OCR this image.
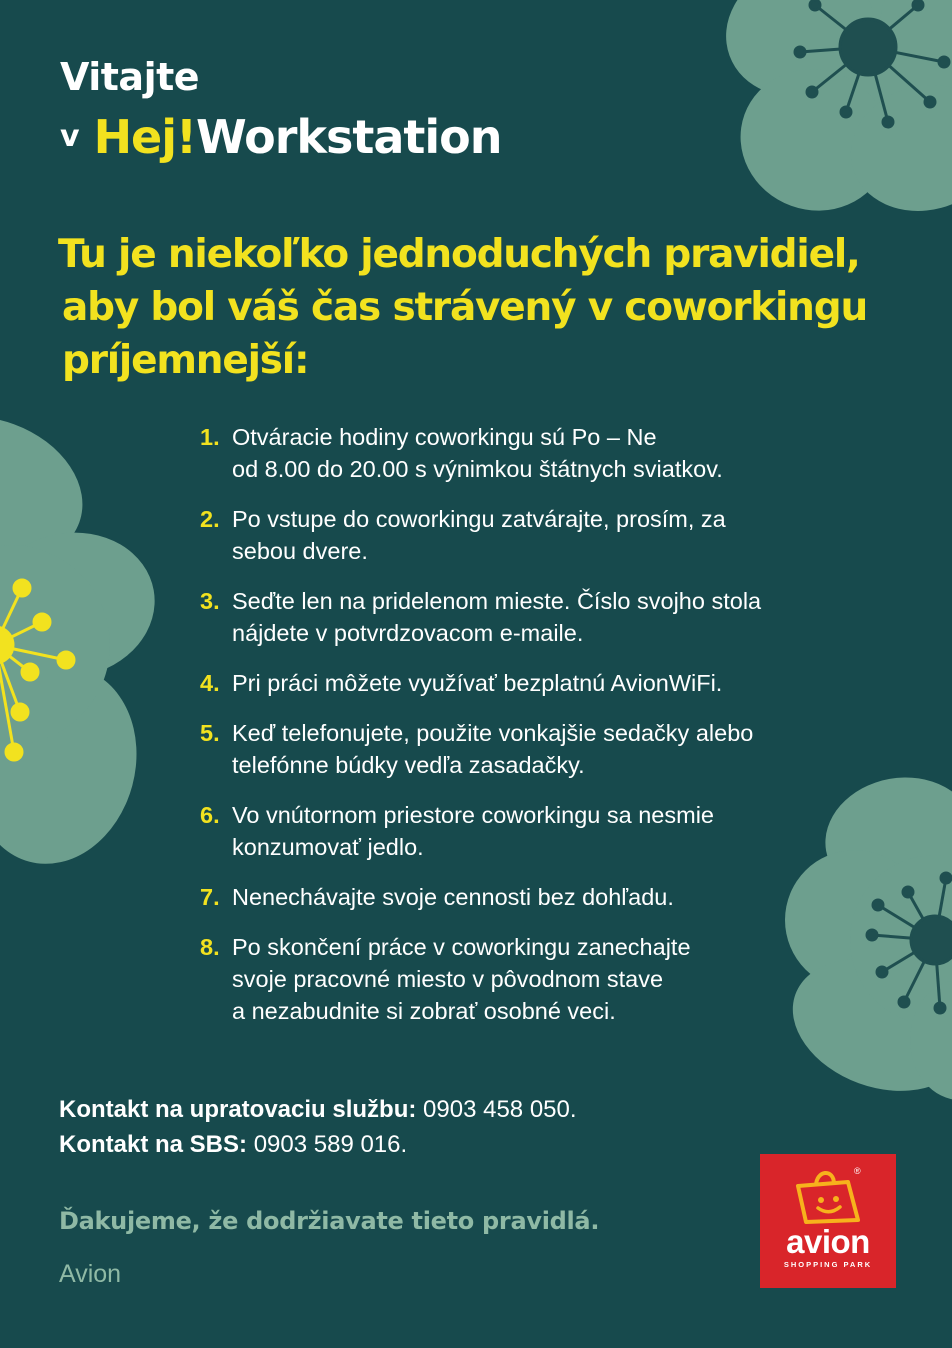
Vitajte
v Hej!Workstation
Tu je niekoľko jednoduchých pravidiel,
aby bol váš čas strávený v coworkingu
príjemnejší:
1. Otváracie hodiny coworkingu sú Po – Ne
od 8.00 do 20.00 s výnimkou štátnych sviatkov.
2. Po vstupe do coworkingu zatvárajte, prosím, za
sebou dvere.
3. Seďte len na pridelenom mieste. Číslo svojho stola
nájdete v potvrdzovacom e-maile.
4. Pri práci môžete využívať bezplatnú AvionWiFi.
5. Keď telefonujete, použite vonkajšie sedačky alebo
telefónne búdky vedľa zasadačky.
6. Vo vnútornom priestore coworkingu sa nesmie
konzumovať jedlo.
7. Nenechávajte svoje cennosti bez dohľadu.
8. Po skončení práce v coworkingu zanechajte
svoje pracovné miesto v pôvodnom stave
a nezabudnite si zobrať osobné veci.
Kontakt na upratovaciu službu: 0903 458 050.
Kontakt na SBS: 0903 589 016.
Ďakujeme, že dodržiavate tieto pravidlá.
Avion
®
avion
SHOPPING PARK
